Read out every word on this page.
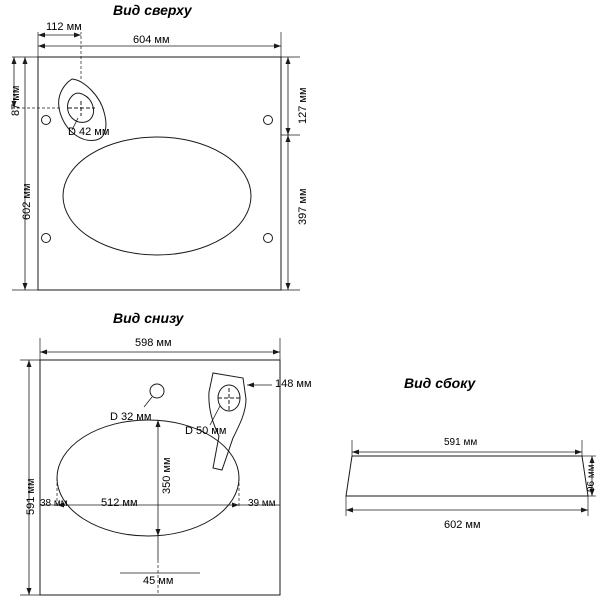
Вид сверху
Вид снизу
Вид сбоку
112 мм
604 мм
87 мм
602 мм
D 42 мм
127 мм
397 мм
598 мм
591 мм
148 мм
D 32 мм
D 50 мм
350 мм
512 мм
38 мм	39 мм
45 мм
591 мм
96 мм
602 мм
